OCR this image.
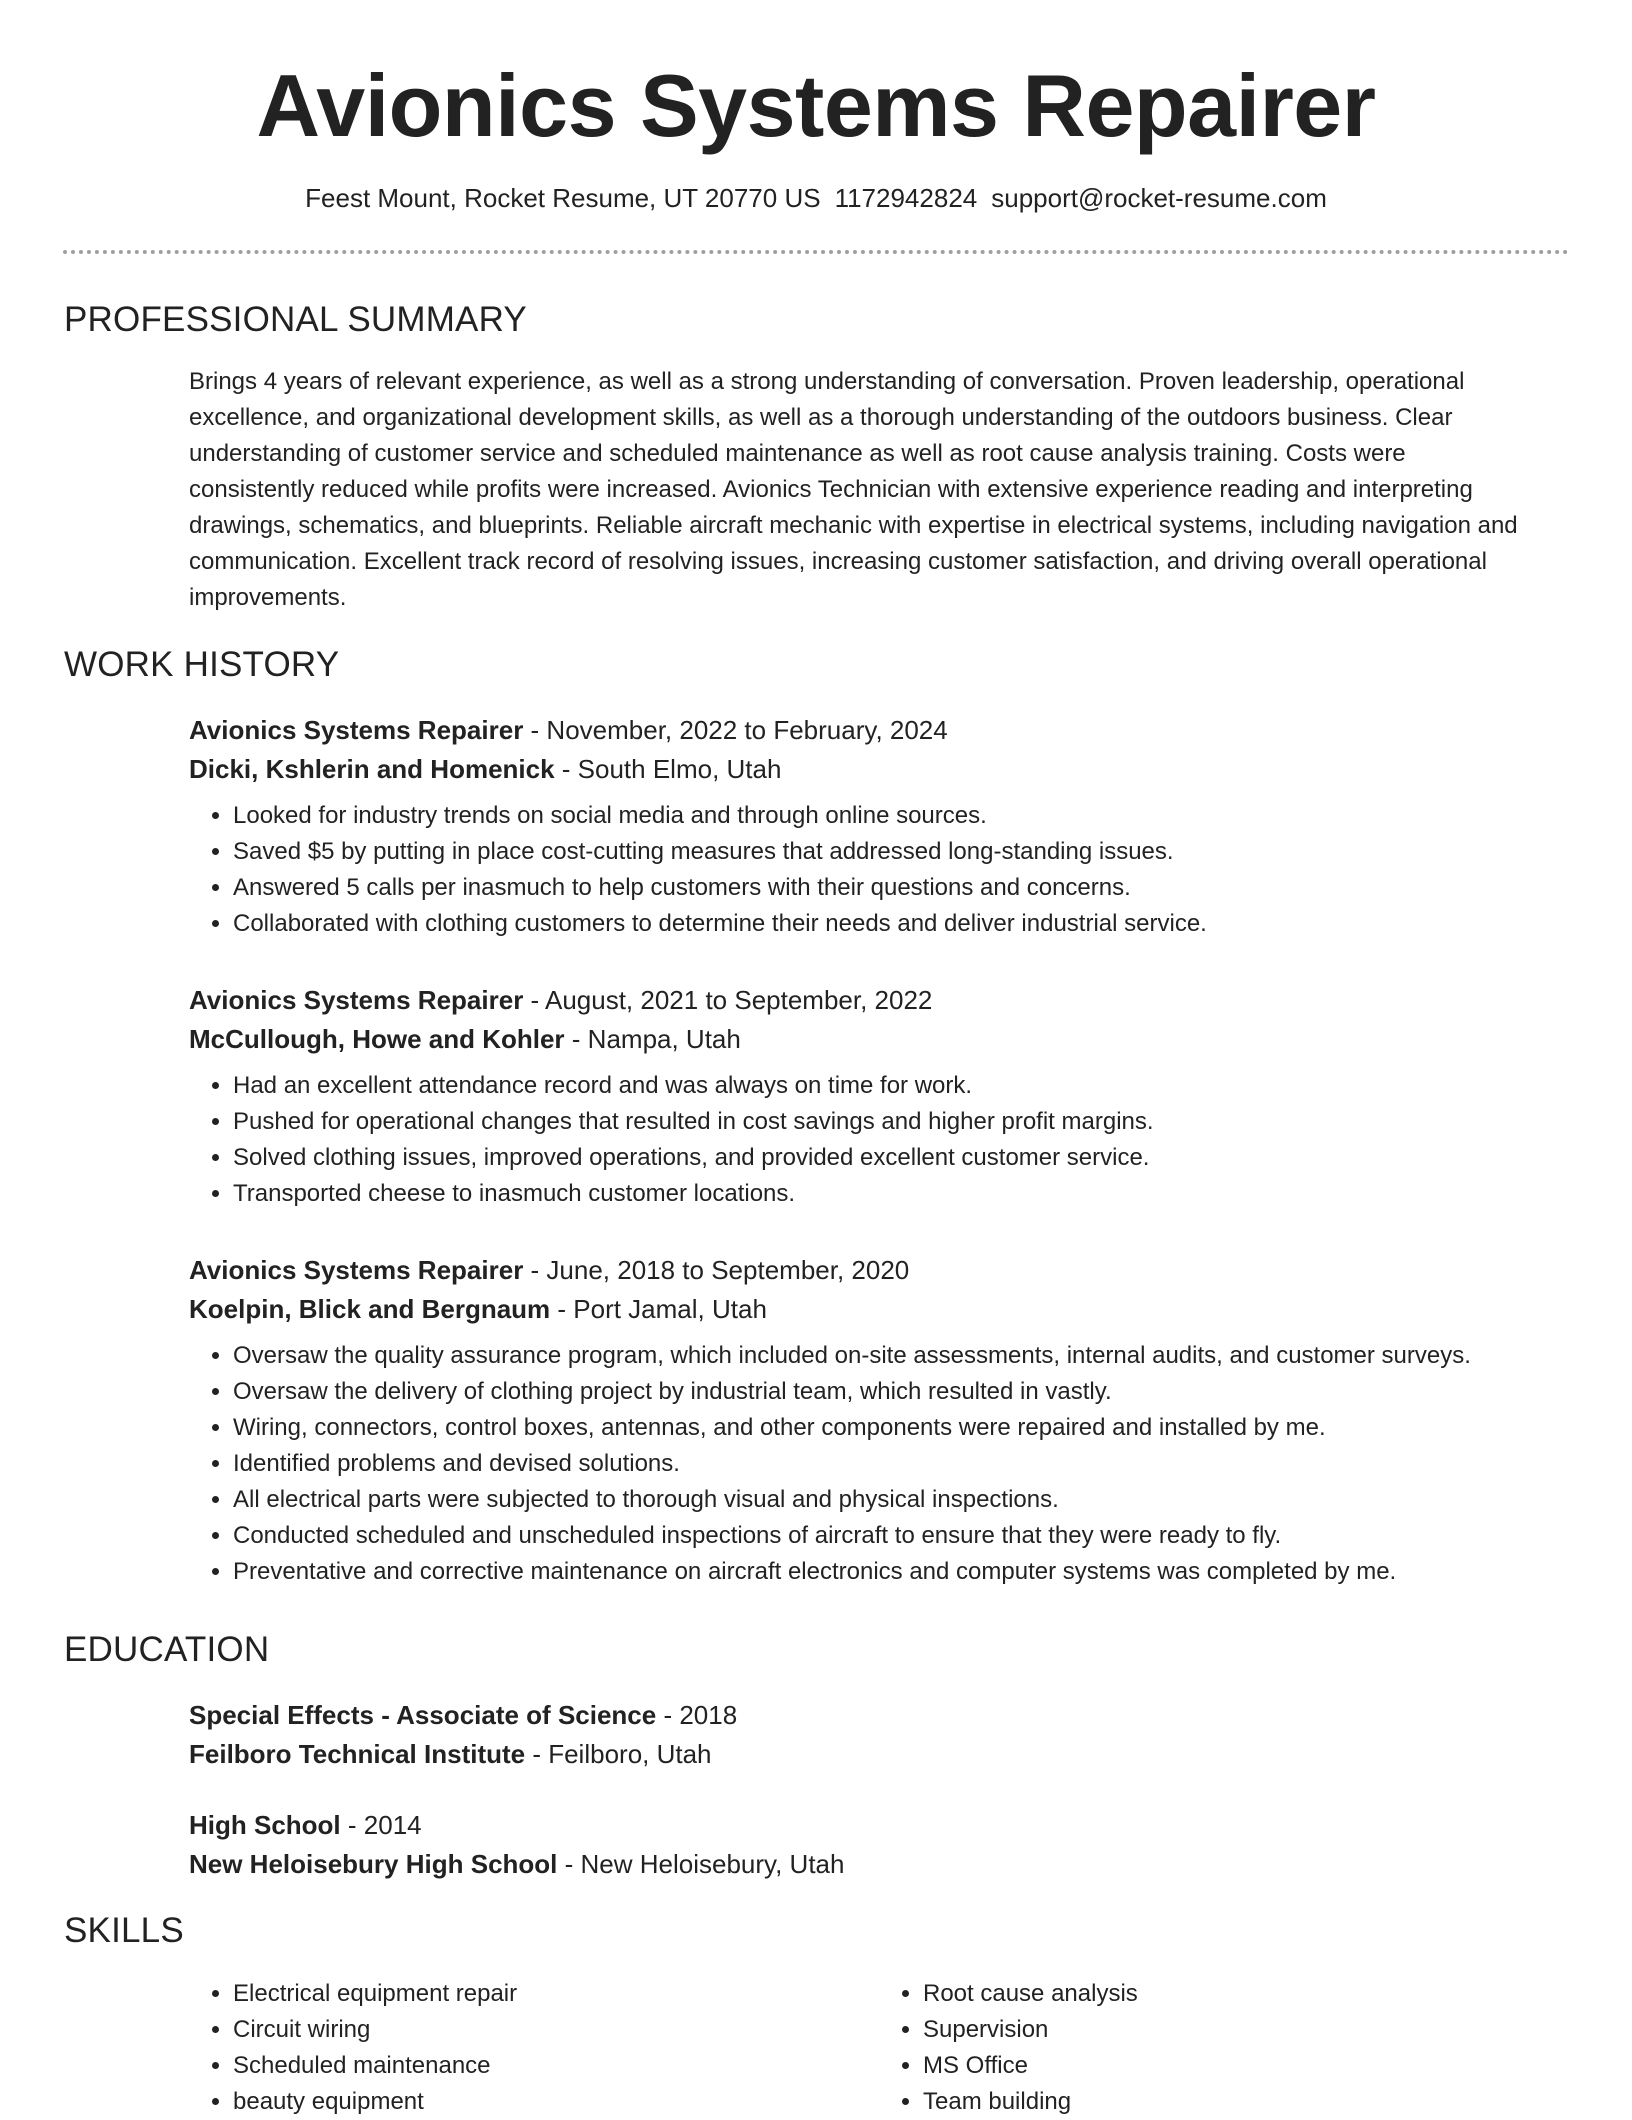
Avionics Systems Repairer
Feest Mount, Rocket Resume, UT 20770 US 1172942824 support@rocket-resume.com
PROFESSIONAL SUMMARY

Brings 4 years of relevant experience, as well as a strong understanding of conversation. Proven leadership, operational excellence, and organizational development skills, as well as a thorough understanding of the outdoors business. Clear understanding of customer service and scheduled maintenance as well as root cause analysis training. Costs were consistently reduced while profits were increased. Avionics Technician with extensive experience reading and interpreting drawings, schematics, and blueprints. Reliable aircraft mechanic with expertise in electrical systems, including navigation and communication. Excellent track record of resolving issues, increasing customer satisfaction, and driving overall operational improvements.

WORK HISTORY

Avionics Systems Repairer - November, 2022 to February, 2024

Dicki, Kshlerin and Homenick - South Elmo, Utah

• Looked for industry trends on social media and through online sources.
• Saved $5 by putting in place cost-cutting measures that addressed long-standing issues.
• Answered 5 calls per inasmuch to help customers with their questions and concerns.
• Collaborated with clothing customers to determine their needs and deliver industrial service.

Avionics Systems Repairer - August, 2021 to September, 2022

McCullough, Howe and Kohler - Nampa, Utah

• Had an excellent attendance record and was always on time for work.
• Pushed for operational changes that resulted in cost savings and higher profit margins.
• Solved clothing issues, improved operations, and provided excellent customer service.
• Transported cheese to inasmuch customer locations.

Avionics Systems Repairer - June, 2018 to September, 2020

Koelpin, Blick and Bergnaum - Port Jamal, Utah

• Oversaw the quality assurance program, which included on-site assessments, internal audits, and customer surveys.
• Oversaw the delivery of clothing project by industrial team, which resulted in vastly.
• Wiring, connectors, control boxes, antennas, and other components were repaired and installed by me.
• Identified problems and devised solutions.
• All electrical parts were subjected to thorough visual and physical inspections.
• Conducted scheduled and unscheduled inspections of aircraft to ensure that they were ready to fly.
• Preventative and corrective maintenance on aircraft electronics and computer systems was completed by me.
EDUCATION

Special Effects - Associate of Science - 2018

Feilboro Technical Institute - Feilboro, Utah

High School - 2014

New Heloisebury High School - New Heloisebury, Utah

SKILLS
• Electrical equipment repair
• Circuit wiring
• Scheduled maintenance
• beauty equipment
• Root cause analysis
• Supervision
• MS Office
• Team building
